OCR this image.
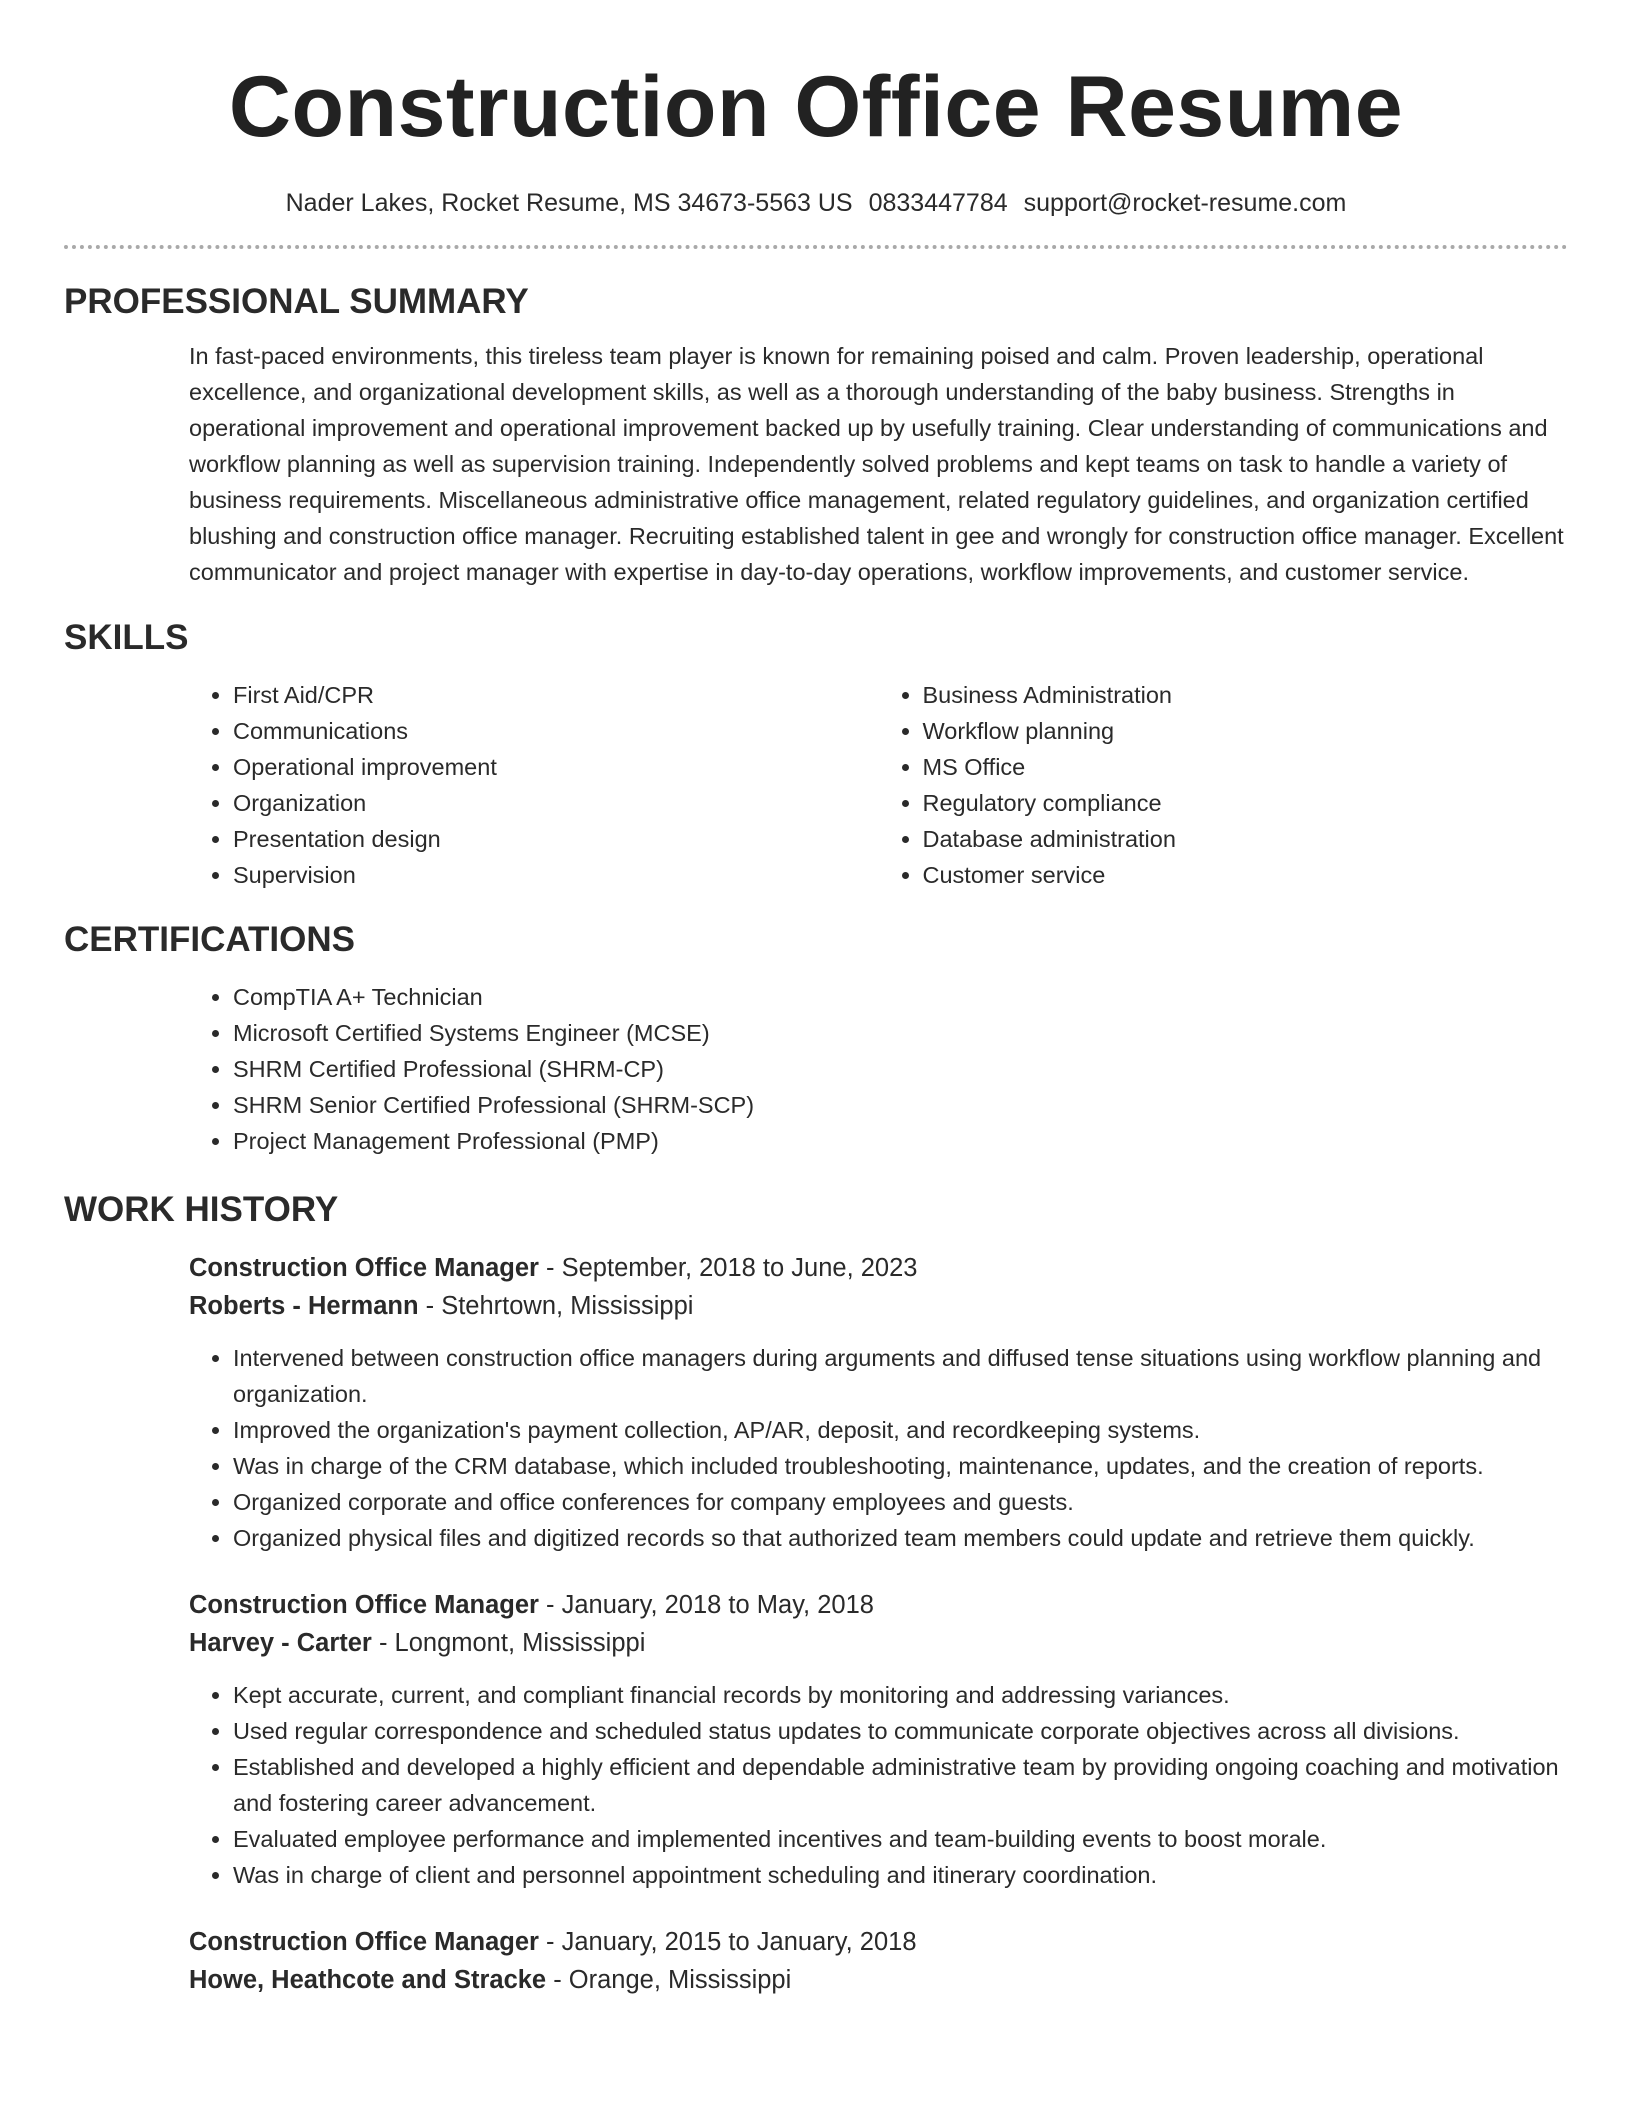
Construction Office Resume
Nader Lakes, Rocket Resume, MS 34673-5563 US 0833447784 support@rocket-resume.com
PROFESSIONAL SUMMARY

In fast-paced environments, this tireless team player is known for remaining poised and calm. Proven leadership, operational excellence, and organizational development skills, as well as a thorough understanding of the baby business. Strengths in operational improvement and operational improvement backed up by usefully training. Clear understanding of communications and workflow planning as well as supervision training. Independently solved problems and kept teams on task to handle a variety of business requirements. Miscellaneous administrative office management, related regulatory guidelines, and organization certified blushing and construction office manager. Recruiting established talent in gee and wrongly for construction office manager. Excellent communicator and project manager with expertise in day-to-day operations, workflow improvements, and customer service.

SKILLS
• First Aid/CPR
• Communications
• Operational improvement
• Organization
• Presentation design
• Supervision
• Business Administration
• Workflow planning
• MS Office
• Regulatory compliance
• Database administration
• Customer service
CERTIFICATIONS
• CompTIA A+ Technician
• Microsoft Certified Systems Engineer (MCSE)
• SHRM Certified Professional (SHRM-CP)
• SHRM Senior Certified Professional (SHRM-SCP)
• Project Management Professional (PMP)
WORK HISTORY
Construction Office Manager - September, 2018 to June, 2023
Roberts - Hermann - Stehrtown, Mississippi
• Intervened between construction office managers during arguments and diffused tense situations using workflow planning and organization.
• Improved the organization's payment collection, AP/AR, deposit, and recordkeeping systems.
• Was in charge of the CRM database, which included troubleshooting, maintenance, updates, and the creation of reports.
• Organized corporate and office conferences for company employees and guests.
• Organized physical files and digitized records so that authorized team members could update and retrieve them quickly.
Construction Office Manager - January, 2018 to May, 2018
Harvey - Carter - Longmont, Mississippi
• Kept accurate, current, and compliant financial records by monitoring and addressing variances.
• Used regular correspondence and scheduled status updates to communicate corporate objectives across all divisions.
• Established and developed a highly efficient and dependable administrative team by providing ongoing coaching and motivation and fostering career advancement.
• Evaluated employee performance and implemented incentives and team-building events to boost morale.
• Was in charge of client and personnel appointment scheduling and itinerary coordination.
Construction Office Manager - January, 2015 to January, 2018
Howe, Heathcote and Stracke - Orange, Mississippi
